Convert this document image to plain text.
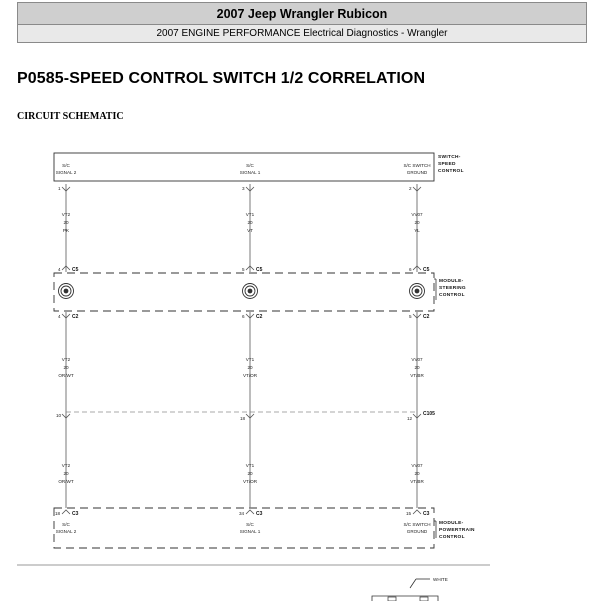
2007 Jeep Wrangler Rubicon
2007 ENGINE PERFORMANCE Electrical Diagnostics - Wrangler
P0585-SPEED CONTROL SWITCH 1/2 CORRELATION
CIRCUIT SCHEMATIC
SWITCH-
SPEED
CONTROL
MODULE-
STEERING
CONTROL
MODULE-
POWERTRAIN
CONTROL
C105
S/C
SIGNAL 2
1
VT2
20
PK
4 C5
4 C2
VT2
20
OR/WT
10
VT2
20
OR/WT
18 C3
S/C
SIGNAL 2
S/C
SIGNAL 1
3
VT1
20
VT
5 C5
6 C2
VT1
20
VT/OR
18
VT1
20
VT/OR
34 C3
S/C
SIGNAL 1
S/C SWITCH
GROUND
2
VV07
20
YL
6 C5
5 C2
VV07
20
VT/BR
12
VV07
20
VT/BR
15 C3
S/C SWITCH
GROUND
WHITE
